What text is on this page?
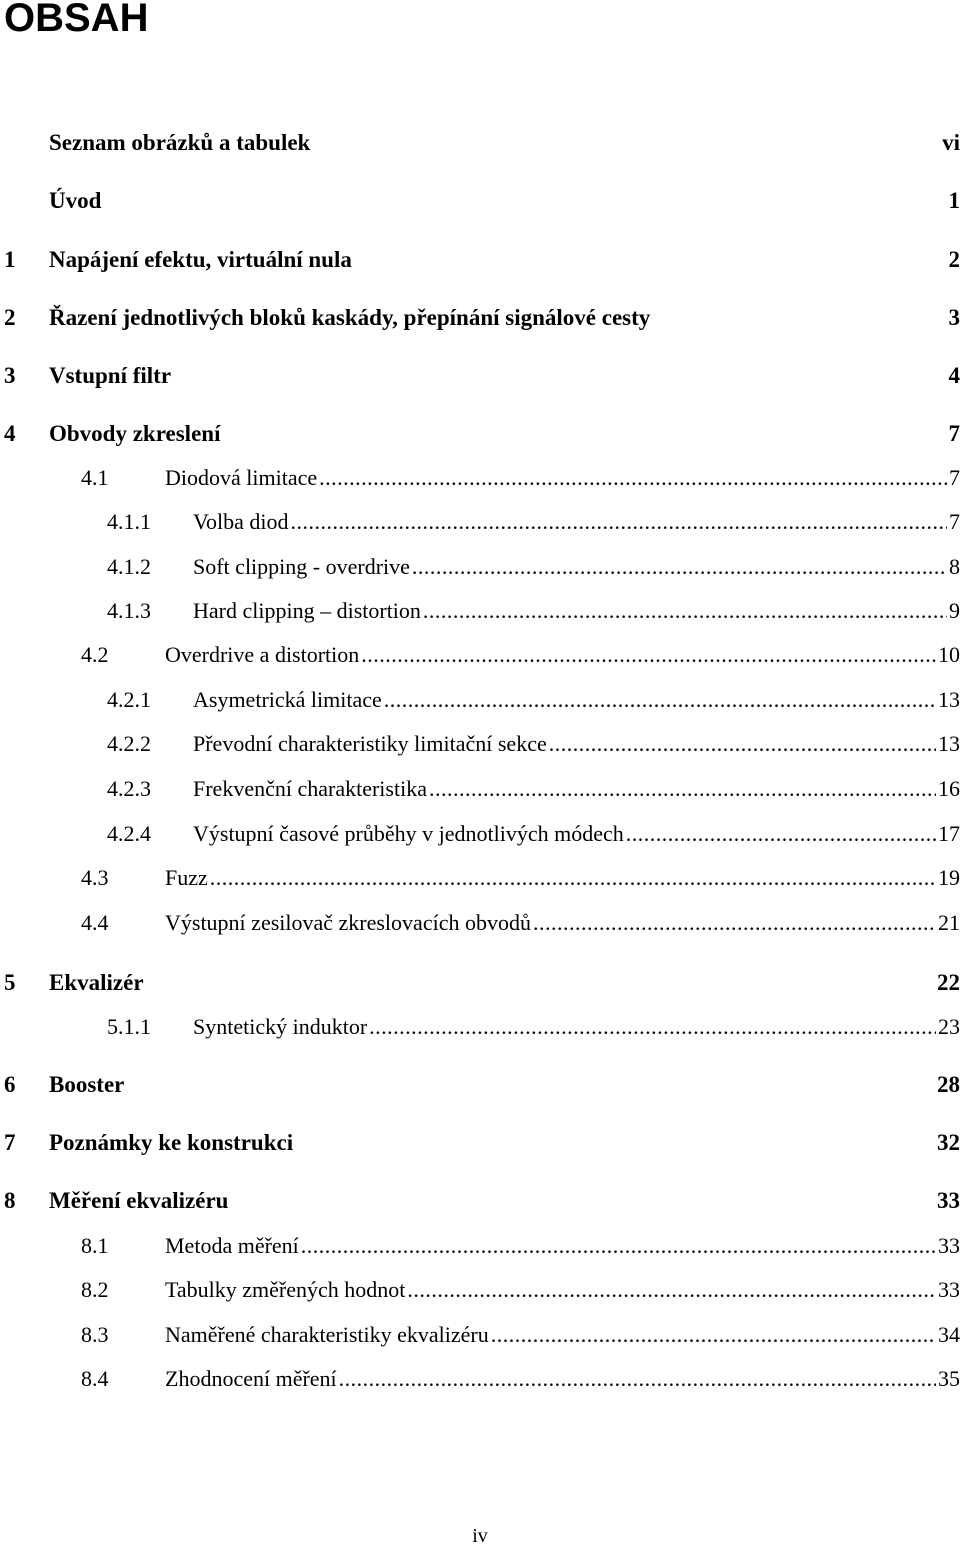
OBSAH
Seznam obrázků a tabulek	vi
Úvod	1
1	Napájení efektu, virtuální nula	2
2	Řazení jednotlivých bloků kaskády, přepínání signálové cesty	3
3	Vstupní filtr	4
4	Obvody zkreslení	7
4.1	Diodová limitace .....	7
4.1.1	Volba diod .....	7
4.1.2	Soft clipping - overdrive .....	8
4.1.3	Hard clipping – distortion .....	9
4.2	Overdrive a distortion .....	10
4.2.1	Asymetrická limitace .....	13
4.2.2	Převodní charakteristiky limitační sekce .....	13
4.2.3	Frekvenční charakteristika .....	16
4.2.4	Výstupní časové průběhy v jednotlivých módech .....	17
4.3	Fuzz .....	19
4.4	Výstupní zesilovač zkreslovacích obvodů .....	21
5	Ekvalizér	22
5.1.1	Syntetický induktor .....	23
6	Booster	28
7	Poznámky ke konstrukci	32
8	Měření ekvalizéru	33
8.1	Metoda měření .....	33
8.2	Tabulky změřených hodnot .....	33
8.3	Naměřené charakteristiky ekvalizéru .....	34
8.4	Zhodnocení měření .....	35
iv
